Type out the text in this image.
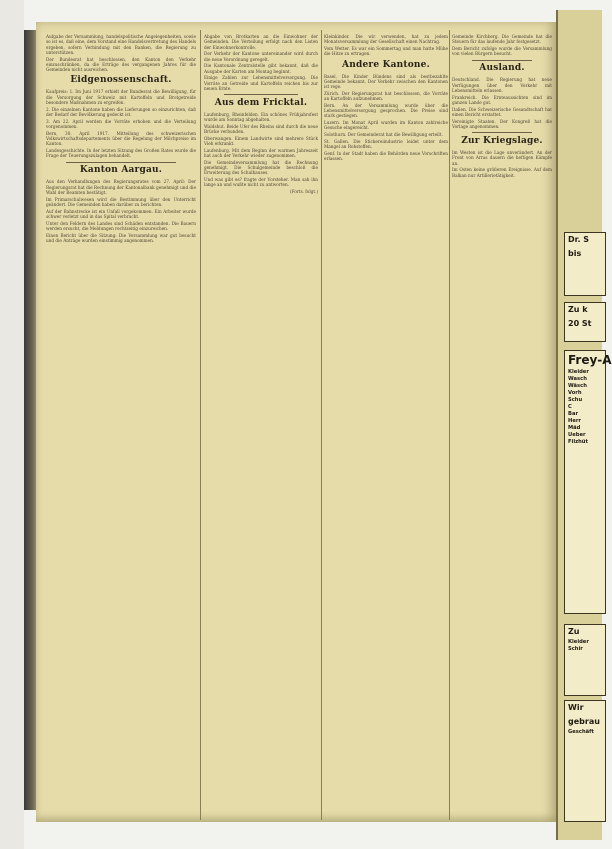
Aufgabe der Versammlung, handelspolitische Angelegenheiten, sowie so ist es, daß eine, dem Vorstand eine Handelsvertretung des Handels ergeben, sofern Verbindung mit den Banken, die Regierung zu unterstützen.

Der Bundesrat hat beschlossen, den Kanton den Verkehr einzuschränken, da die Erträge des vergangenen Jahres für die Gemeinden nicht ausreichen.

Eidgenossenschaft.

Kaufpreis: 1. Im Juni 1917 erhielt der Bundesrat die Bewilligung, für die Versorgung der Schweiz mit Kartoffeln und Brotgetreide besondere Maßnahmen zu ergreifen.

2. Die einzelnen Kantone haben die Lieferungen so einzurichten, daß der Bedarf der Bevölkerung gedeckt ist.

3. Am 22. April werden die Vorräte erhoben und die Verteilung vorgenommen.

Bern, 30. April 1917. Mitteilung des schweizerischen Volkswirtschaftsdepartements über die Regelung der Milchpreise im Kanton.

Landesgeschichte. In der letzten Sitzung des Großen Rates wurde die Frage der Teuerungszulagen behandelt.

Kanton Aargau.

Aus den Verhandlungen des Regierungsrates vom 27. April: Der Regierungsrat hat die Rechnung der Kantonalbank genehmigt und die Wahl der Beamten bestätigt.

Im Primarschulwesen wird die Bestimmung über den Unterricht geändert. Die Gemeinden haben darüber zu berichten.

Auf der Bahnstrecke ist ein Unfall vorgekommen. Ein Arbeiter wurde schwer verletzt und in das Spital verbracht.

Unter den Feldern des Landes sind Schäden entstanden. Die Bauern werden ersucht, die Meldungen rechtzeitig einzureichen.

Einen Bericht über die Sitzung: Die Versammlung war gut besucht und die Anträge wurden einstimmig angenommen.

Abgabe von Brotkarten an die Einwohner der Gemeinden. Die Verteilung erfolgt nach den Listen der Einwohnerkontrolle.

Der Verkehr der Kantone untereinander wird durch die neue Verordnung geregelt.

Die Kantonale Zentralstelle gibt bekannt, daß die Ausgabe der Karten am Montag beginnt.

Einige Zahlen zur Lebensmittelversorgung. Die Vorräte an Getreide und Kartoffeln reichen bis zur neuen Ernte.

Aus dem Fricktal.

Laufenburg, Rheinfelden. Ein schönes Frühjahrsfest wurde am Sonntag abgehalten.

Waldshut. Beide Ufer des Rheins sind durch die neue Brücke verbunden.

Oberwangen. Einem Landwirte sind mehrere Stück Vieh erkrankt.

Laufenburg. Mit dem Beginn der warmen Jahreszeit hat auch der Verkehr wieder zugenommen.

Die Gemeindeversammlung hat die Rechnung genehmigt. Die Schulgemeinde beschloß die Erweiterung des Schulhauses.

Und was gibt es? fragte der Vorsteher. Man sah ihn lange an und wußte nicht zu antworten.

(Forts. folgt.)

Kleinkinder. Die wir verwenden, hat zu jedem Monatsversammlung der Gesellschaft einen Nachtrag.

Vom Wetter. Es war ein Sommertag und man hatte Mühe die Hitze zu ertragen.

Andere Kantone.

Basel. Die Kinder Bündens sind als bestbezahlte Gemeinde bekannt. Der Verkehr zwischen den Kantonen ist rege.

Zürich. Der Regierungsrat hat beschlossen, die Vorräte an Kartoffeln aufzunehmen.

Bern. An der Versammlung wurde über die Lebensmittelversorgung gesprochen. Die Preise sind stark gestiegen.

Luzern. Im Monat April wurden im Kanton zahlreiche Gesuche eingereicht.

Solothurn. Der Gemeinderat hat die Bewilligung erteilt.

St. Gallen. Die Stickereiindustrie leidet unter dem Mangel an Rohstoffen.

Genf. In der Stadt haben die Behörden neue Vorschriften erlassen.

Gemeinde Kirchberg. Die Gemeinde hat die Steuern für das laufende Jahr festgesetzt.

Dem Bericht zufolge wurde die Versammlung von vielen Bürgern besucht.

Ausland.

Deutschland. Die Regierung hat neue Verfügungen über den Verkehr mit Lebensmitteln erlassen.

Frankreich. Die Ernteaussichten sind im ganzen Lande gut.

Italien. Die Schweizerische Gesandtschaft hat einen Bericht erstattet.

Vereinigte Staaten. Der Kongreß hat die Vorlage angenommen.

Zur Kriegslage.

Im Westen ist die Lage unverändert. An der Front von Arras dauern die heftigen Kämpfe an.

Im Osten keine größeren Ereignisse. Auf dem Balkan nur Artillerietätigkeit.

Dr. S
bis
Zu k
20 St
Frey-A
Kleider
Wasch
Wäsch
Vorh
Schu
C
Bar
Herr
Mäd
Ueber
Filzhüt
Zu
Kleider
Schir
Wir
gebrau
Geschäft
